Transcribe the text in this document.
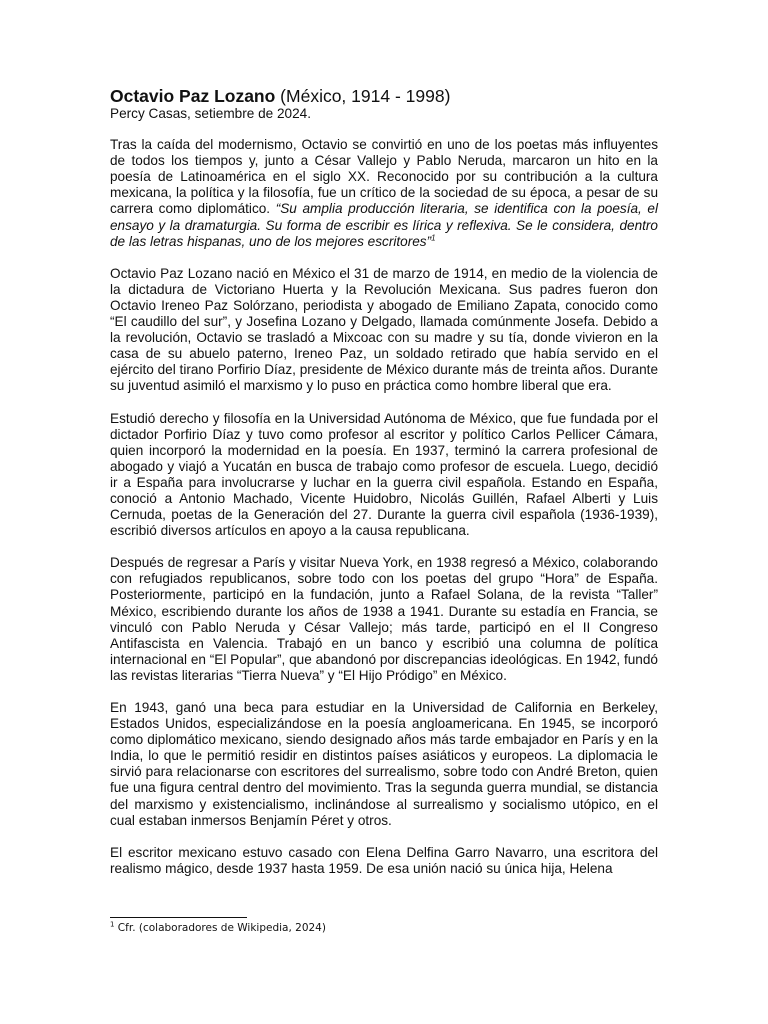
Octavio Paz Lozano (México, 1914 - 1998)

Percy Casas, setiembre de 2024.

Tras la caída del modernismo, Octavio se convirtió en uno de los poetas más influyentes de todos los tiempos y, junto a César Vallejo y Pablo Neruda, marcaron un hito en la poesía de Latinoamérica en el siglo XX. Reconocido por su contribución a la cultura mexicana, la política y la filosofía, fue un crítico de la sociedad de su época, a pesar de su carrera como diplomático. “Su amplia producción literaria, se identifica con la poesía, el ensayo y la dramaturgia. Su forma de escribir es lírica y reflexiva. Se le considera, dentro de las letras hispanas, uno de los mejores escritores”$^1$

Octavio Paz Lozano nació en México el 31 de marzo de 1914, en medio de la violencia de la dictadura de Victoriano Huerta y la Revolución Mexicana. Sus padres fueron don Octavio Ireneo Paz Solórzano, periodista y abogado de Emiliano Zapata, conocido como “El caudillo del sur”, y Josefina Lozano y Delgado, llamada comúnmente Josefa. Debido a la revolución, Octavio se trasladó a Mixcoac con su madre y su tía, donde vivieron en la casa de su abuelo paterno, Ireneo Paz, un soldado retirado que había servido en el ejército del tirano Porfirio Díaz, presidente de México durante más de treinta años. Durante su juventud asimiló el marxismo y lo puso en práctica como hombre liberal que era.

Estudió derecho y filosofía en la Universidad Autónoma de México, que fue fundada por el dictador Porfirio Díaz y tuvo como profesor al escritor y político Carlos Pellicer Cámara, quien incorporó la modernidad en la poesía. En 1937, terminó la carrera profesional de abogado y viajó a Yucatán en busca de trabajo como profesor de escuela. Luego, decidió ir a España para involucrarse y luchar en la guerra civil española. Estando en España, conoció a Antonio Machado, Vicente Huidobro, Nicolás Guillén, Rafael Alberti y Luis Cernuda, poetas de la Generación del 27. Durante la guerra civil española (1936-1939), escribió diversos artículos en apoyo a la causa republicana.

Después de regresar a París y visitar Nueva York, en 1938 regresó a México, colaborando con refugiados republicanos, sobre todo con los poetas del grupo “Hora” de España. Posteriormente, participó en la fundación, junto a Rafael Solana, de la revista “Taller” México, escribiendo durante los años de 1938 a 1941. Durante su estadía en Francia, se vinculó con Pablo Neruda y César Vallejo; más tarde, participó en el II Congreso Antifascista en Valencia. Trabajó en un banco y escribió una columna de política internacional en “El Popular”, que abandonó por discrepancias ideológicas. En 1942, fundó las revistas literarias “Tierra Nueva” y “El Hijo Pródigo” en México.

En 1943, ganó una beca para estudiar en la Universidad de California en Berkeley, Estados Unidos, especializándose en la poesía angloamericana. En 1945, se incorporó como diplomático mexicano, siendo designado años más tarde embajador en París y en la India, lo que le permitió residir en distintos países asiáticos y europeos. La diplomacia le sirvió para relacionarse con escritores del surrealismo, sobre todo con André Breton, quien fue una figura central dentro del movimiento. Tras la segunda guerra mundial, se distancia del marxismo y existencialismo, inclinándose al surrealismo y socialismo utópico, en el cual estaban inmersos Benjamín Péret y otros.

El escritor mexicano estuvo casado con Elena Delfina Garro Navarro, una escritora del realismo mágico, desde 1937 hasta 1959. De esa unión nació su única hija, Helena

$^1$ Cfr. (colaboradores de Wikipedia, 2024)
